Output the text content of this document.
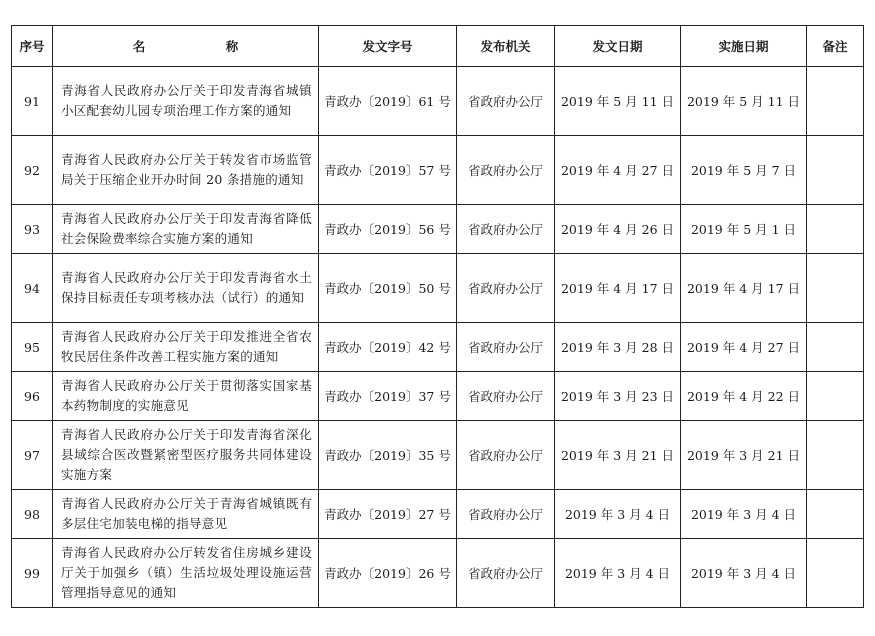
序号	名　称	发文字号	发布机关	发文日期	实施日期	备注
91	青海省人民政府办公厅关于印发青海省城镇小区配套幼儿园专项治理工作方案的通知	青政办〔2019〕61 号	省政府办公厅	2019 年 5 月 11 日	2019 年 5 月 11 日	
92	青海省人民政府办公厅关于转发省市场监管局关于压缩企业开办时间 20 条措施的通知	青政办〔2019〕57 号	省政府办公厅	2019 年 4 月 27 日	2019 年 5 月 7 日	
93	青海省人民政府办公厅关于印发青海省降低社会保险费率综合实施方案的通知	青政办〔2019〕56 号	省政府办公厅	2019 年 4 月 26 日	2019 年 5 月 1 日	
94	青海省人民政府办公厅关于印发青海省水土保持目标责任专项考核办法（试行）的通知	青政办〔2019〕50 号	省政府办公厅	2019 年 4 月 17 日	2019 年 4 月 17 日	
95	青海省人民政府办公厅关于印发推进全省农牧民居住条件改善工程实施方案的通知	青政办〔2019〕42 号	省政府办公厅	2019 年 3 月 28 日	2019 年 4 月 27 日	
96	青海省人民政府办公厅关于贯彻落实国家基本药物制度的实施意见	青政办〔2019〕37 号	省政府办公厅	2019 年 3 月 23 日	2019 年 4 月 22 日	
97	青海省人民政府办公厅关于印发青海省深化县域综合医改暨紧密型医疗服务共同体建设实施方案	青政办〔2019〕35 号	省政府办公厅	2019 年 3 月 21 日	2019 年 3 月 21 日	
98	青海省人民政府办公厅关于青海省城镇既有多层住宅加装电梯的指导意见	青政办〔2019〕27 号	省政府办公厅	2019 年 3 月 4 日	2019 年 3 月 4 日	
99	青海省人民政府办公厅转发省住房城乡建设厅关于加强乡（镇）生活垃圾处理设施运营管理指导意见的通知	青政办〔2019〕26 号	省政府办公厅	2019 年 3 月 4 日	2019 年 3 月 4 日	
